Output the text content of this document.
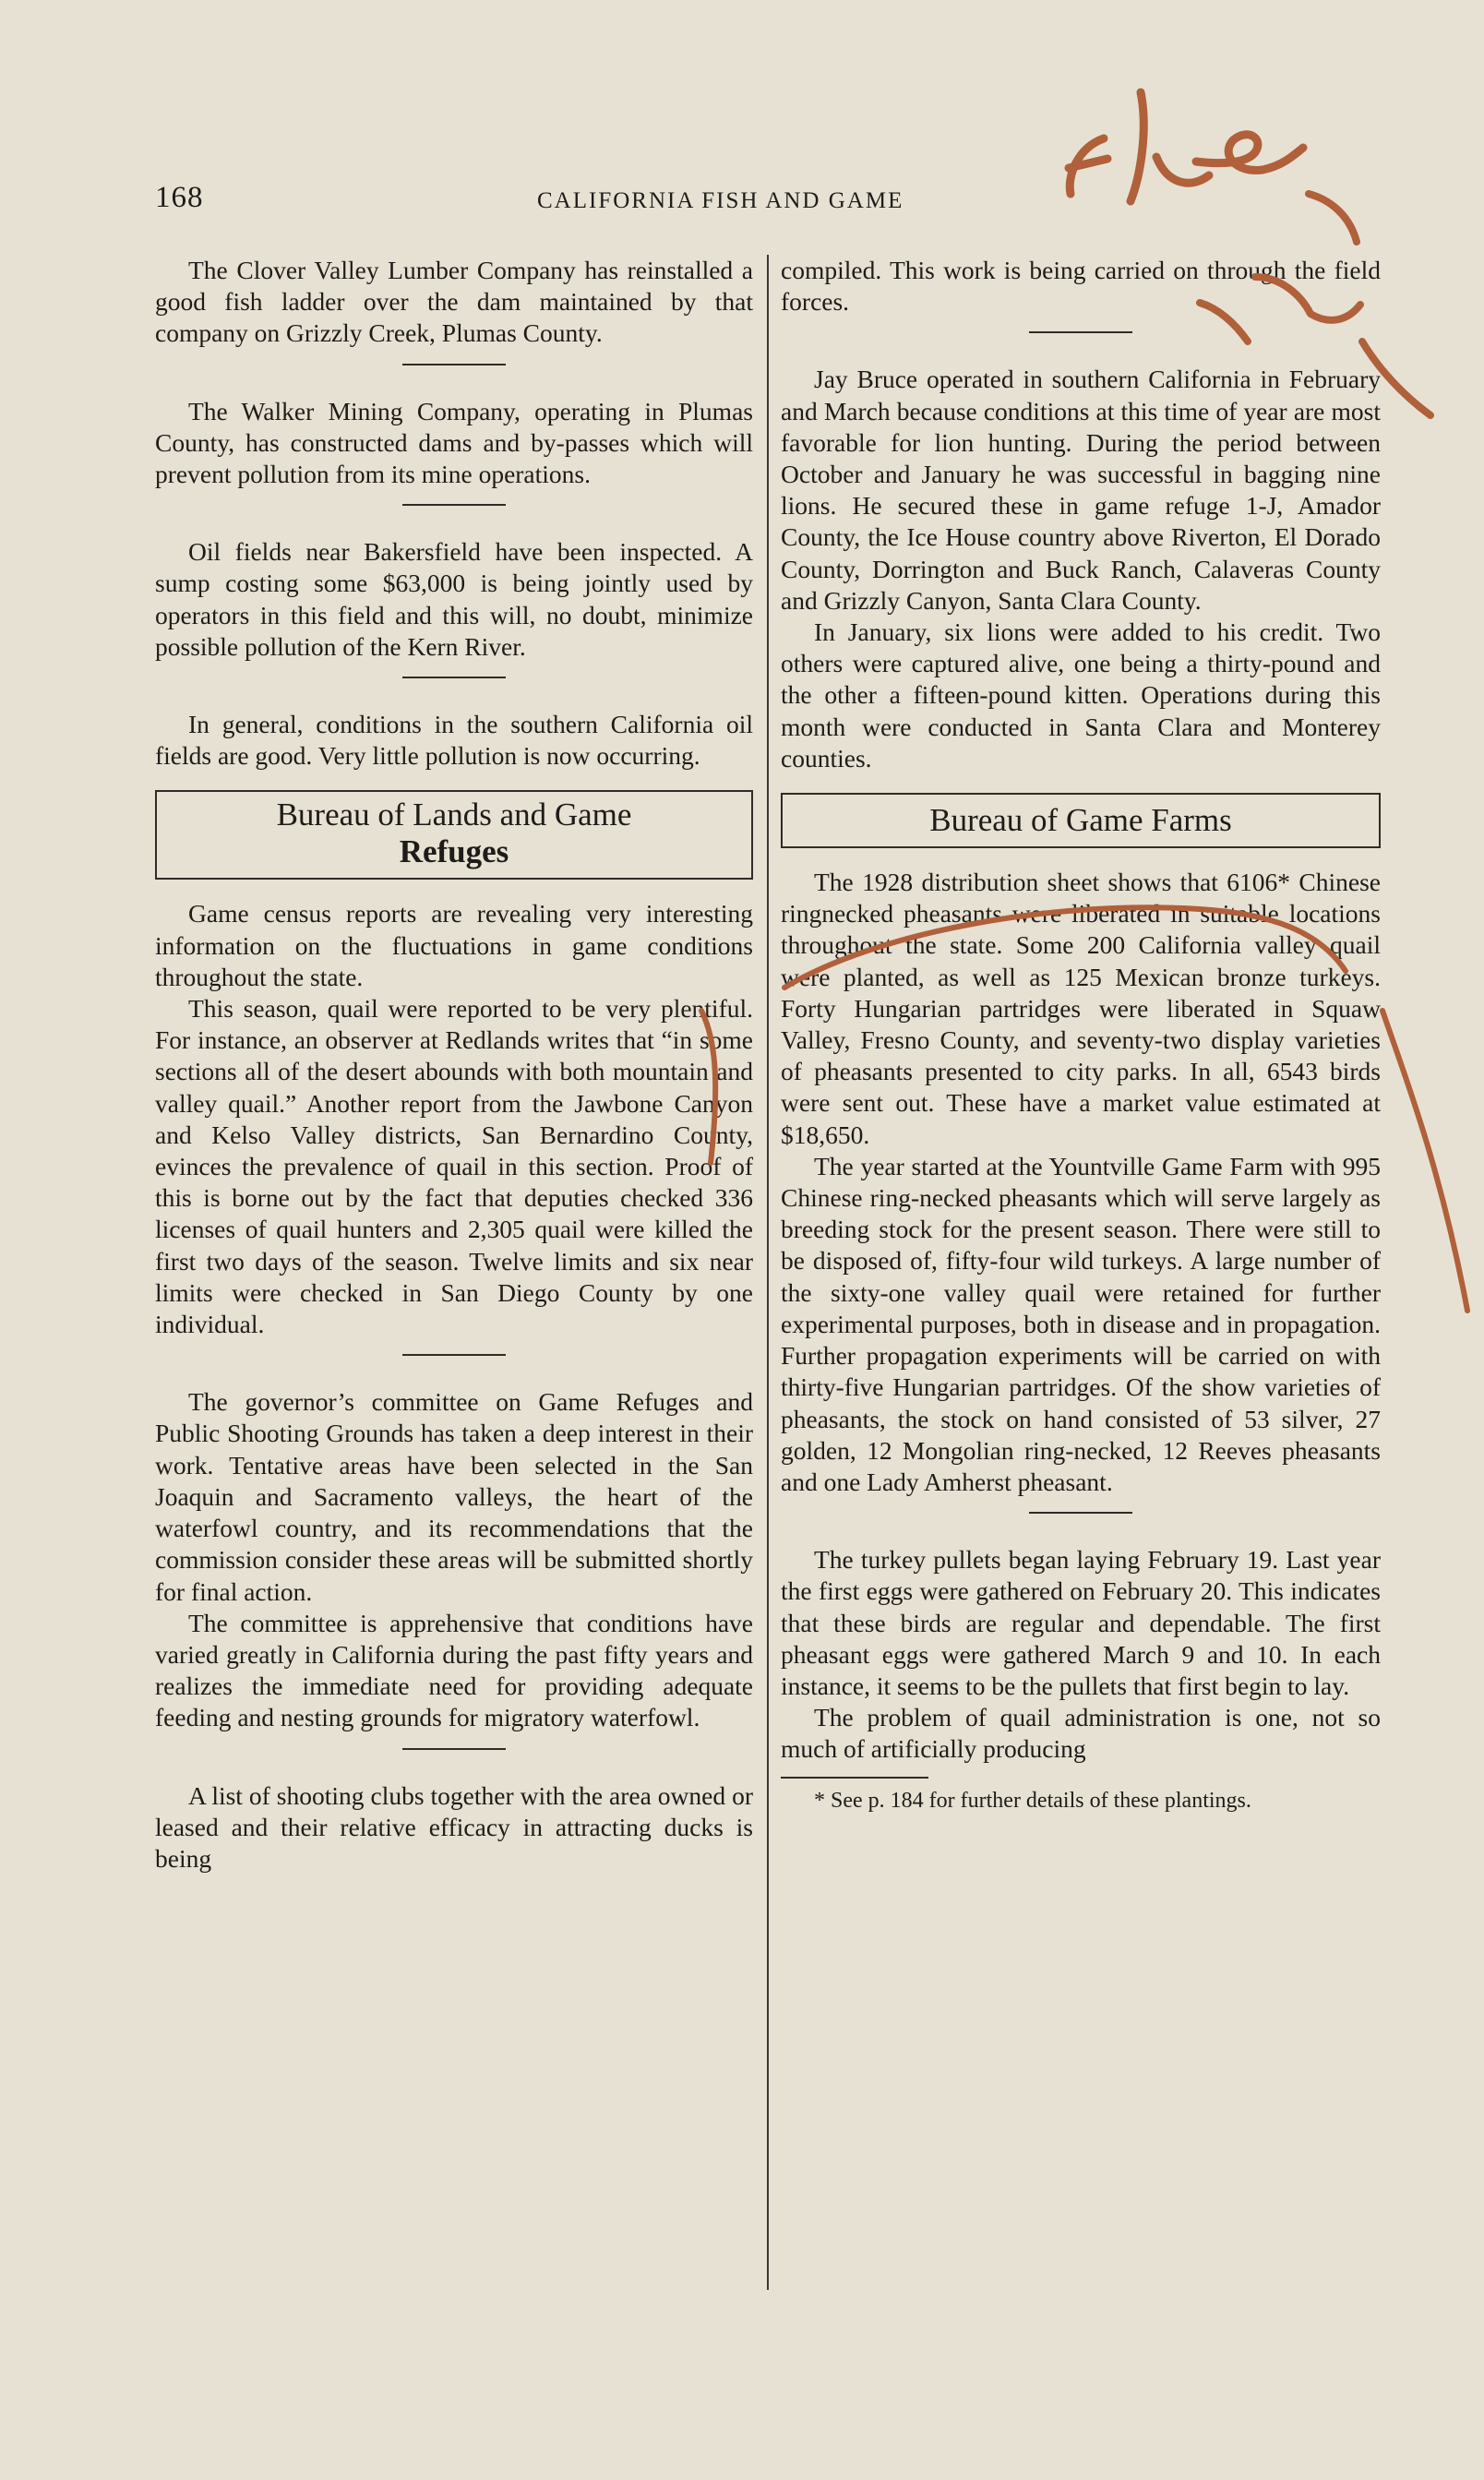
168	CALIFORNIA FISH AND GAME

The Clover Valley Lumber Company has reinstalled a good fish ladder over the dam maintained by that company on Grizzly Creek, Plumas County.

The Walker Mining Company, operating in Plumas County, has constructed dams and by-passes which will prevent pollution from its mine operations.

Oil fields near Bakersfield have been inspected. A sump costing some $63,000 is being jointly used by operators in this field and this will, no doubt, minimize possible pollution of the Kern River.

In general, conditions in the southern California oil fields are good. Very little pollution is now occurring.

Bureau of Lands and Game
Refuges

Game census reports are revealing very interesting information on the fluctuations in game conditions throughout the state.

This season, quail were reported to be very plentiful. For instance, an observer at Redlands writes that “in some sections all of the desert abounds with both mountain and valley quail.” Another report from the Jawbone Canyon and Kelso Valley districts, San Bernardino County, evinces the prevalence of quail in this section. Proof of this is borne out by the fact that deputies checked 336 licenses of quail hunters and 2,305 quail were killed the first two days of the season. Twelve limits and six near limits were checked in San Diego County by one individual.

The governor’s committee on Game Refuges and Public Shooting Grounds has taken a deep interest in their work. Tentative areas have been selected in the San Joaquin and Sacramento valleys, the heart of the waterfowl country, and its recommendations that the commission consider these areas will be submitted shortly for final action.

The committee is apprehensive that conditions have varied greatly in California during the past fifty years and realizes the immediate need for providing adequate feeding and nesting grounds for migratory waterfowl.

A list of shooting clubs together with the area owned or leased and their relative efficacy in attracting ducks is being

compiled. This work is being carried on through the field forces.

Jay Bruce operated in southern California in February and March because conditions at this time of year are most favorable for lion hunting. During the period between October and January he was successful in bagging nine lions. He secured these in game refuge 1-J, Amador County, the Ice House country above Riverton, El Dorado County, Dorrington and Buck Ranch, Calaveras County and Grizzly Canyon, Santa Clara County.

In January, six lions were added to his credit. Two others were captured alive, one being a thirty-pound and the other a fifteen-pound kitten. Operations during this month were conducted in Santa Clara and Monterey counties.

Bureau of Game Farms

The 1928 distribution sheet shows that 6106* Chinese ringnecked pheasants were liberated in suitable locations throughout the state. Some 200 California valley quail were planted, as well as 125 Mexican bronze turkeys. Forty Hungarian partridges were liberated in Squaw Valley, Fresno County, and seventy-two display varieties of pheasants presented to city parks. In all, 6543 birds were sent out. These have a market value estimated at $18,650.

The year started at the Yountville Game Farm with 995 Chinese ring-necked pheasants which will serve largely as breeding stock for the present season. There were still to be disposed of, fifty-four wild turkeys. A large number of the sixty-one valley quail were retained for further experimental purposes, both in disease and in propagation. Further propagation experiments will be carried on with thirty-five Hungarian partridges. Of the show varieties of pheasants, the stock on hand consisted of 53 silver, 27 golden, 12 Mongolian ring-necked, 12 Reeves pheasants and one Lady Amherst pheasant.

The turkey pullets began laying February 19. Last year the first eggs were gathered on February 20. This indicates that these birds are regular and dependable. The first pheasant eggs were gathered March 9 and 10. In each instance, it seems to be the pullets that first begin to lay.

The problem of quail administration is one, not so much of artificially producing

* See p. 184 for further details of these plantings.
